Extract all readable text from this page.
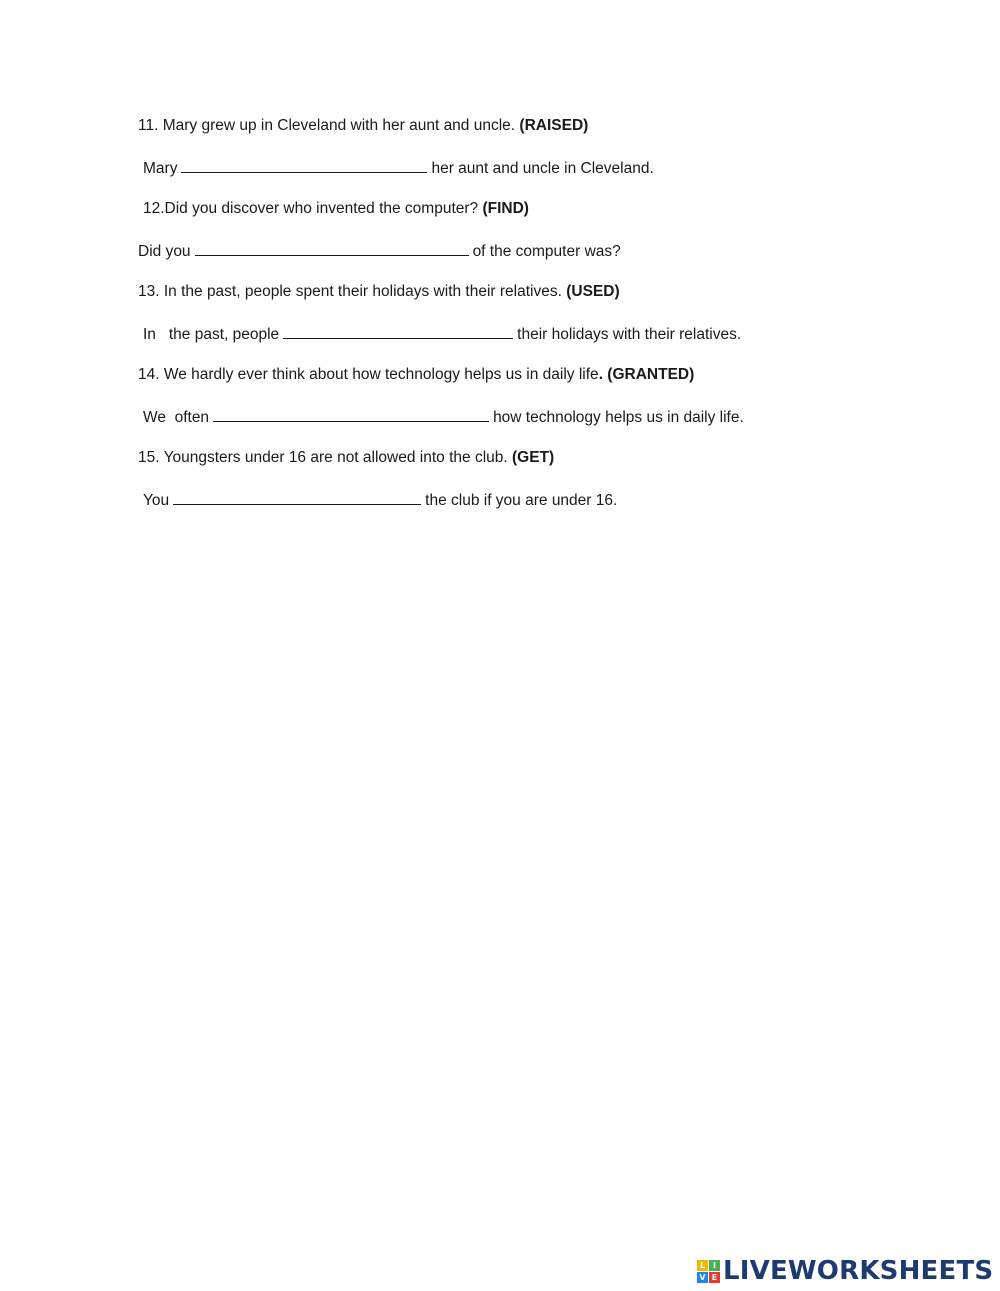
11. Mary grew up in Cleveland with her aunt and uncle. (RAISED)
Mary	her aunt and uncle in Cleveland.
12.Did you discover who invented the computer? (FIND)
Did you	of the computer was?
13. In the past, people spent their holidays with their relatives. (USED)
In   the past, people	their holidays with their relatives.
14. We hardly ever think about how technology helps us in daily life. (GRANTED)
We  often	how technology helps us in daily life.
15. Youngsters under 16 are not allowed into the club. (GET)
You	the club if you are under 16.
L I
V E LIVEWORKSHEETS
